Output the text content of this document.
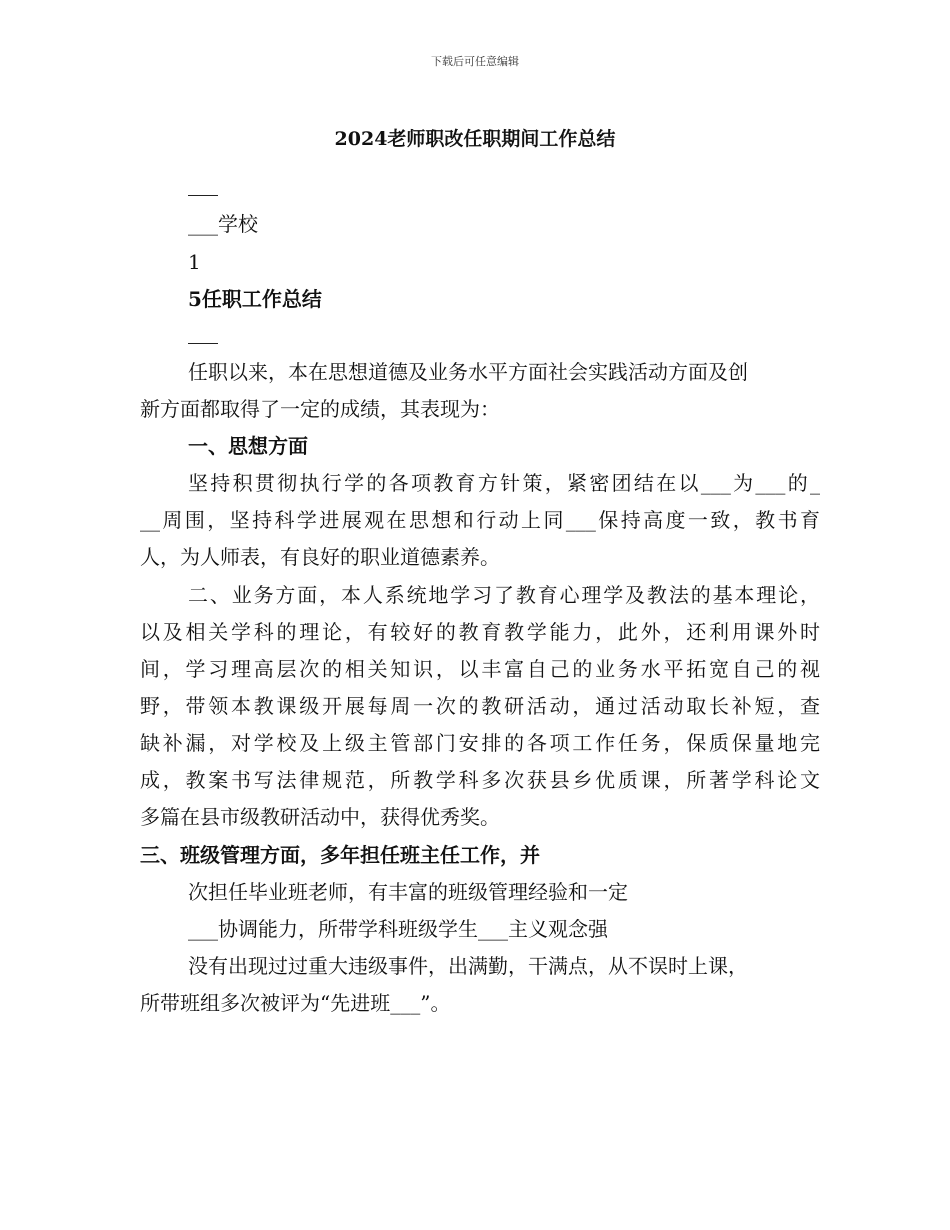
下载后可任意编辑
2024老师职改任职期间工作总结
___学校
1
5任职工作总结
任职以来，本在思想道德及业务水平方面社会实践活动方面及创
新方面都取得了一定的成绩，其表现为：
一、思想方面
坚持积贯彻执行学的各项教育方针策，紧密团结在以___为___的_
__周围，坚持科学进展观在思想和行动上同___保持高度一致，教书育
人，为人师表，有良好的职业道德素养。
二、业务方面，本人系统地学习了教育心理学及教法的基本理论，
以及相关学科的理论，有较好的教育教学能力，此外，还利用课外时
间，学习理高层次的相关知识，以丰富自己的业务水平拓宽自己的视
野，带领本教课级开展每周一次的教研活动，通过活动取长补短，查
缺补漏，对学校及上级主管部门安排的各项工作任务，保质保量地完
成，教案书写法律规范，所教学科多次获县乡优质课，所著学科论文
多篇在县市级教研活动中，获得优秀奖。
三、班级管理方面，多年担任班主任工作，并
次担任毕业班老师，有丰富的班级管理经验和一定
___协调能力，所带学科班级学生___主义观念强
没有出现过过重大违级事件，出满勤，干满点，从不误时上课，
所带班组多次被评为“先进班___”。
